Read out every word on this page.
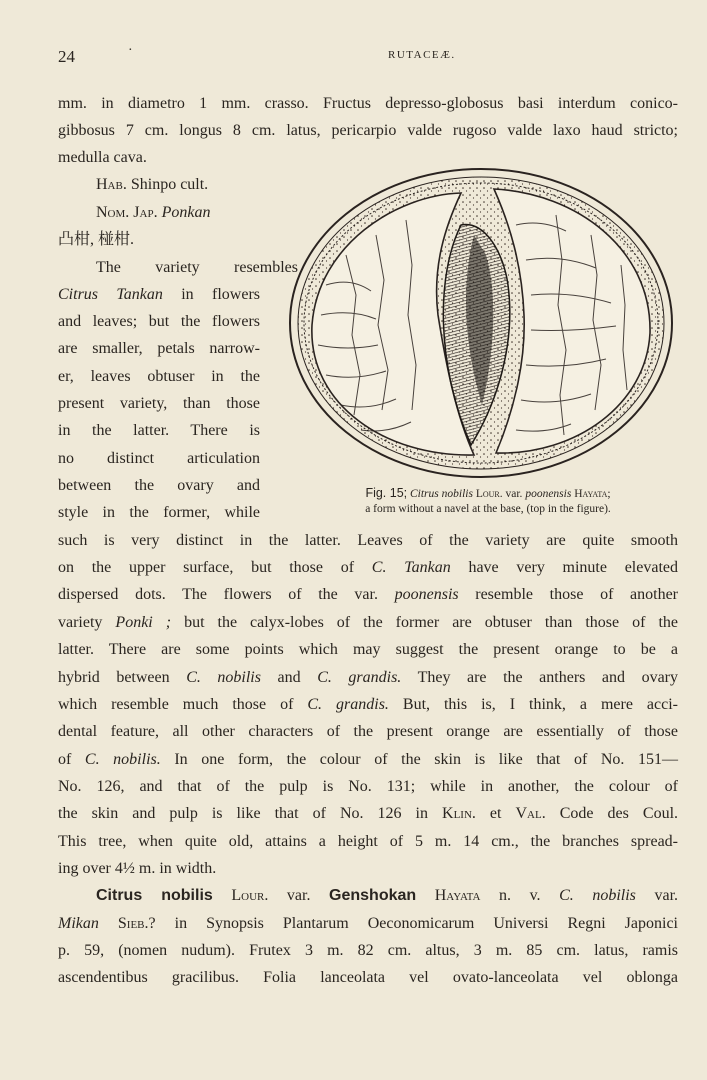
24	·	RUTACEÆ.
mm. in diametro 1 mm. crasso. Fructus depresso-globosus basi interdum conico-
gibbosus 7 cm. longus 8 cm. latus, pericarpio valde rugoso valde laxo haud stricto;
medulla cava.
Hab. Shinpo cult.
Nom. Jap. Ponkan
凸柑, 椪柑.
The variety resembles
Citrus Tankan in flowers
and leaves; but the flowers
are smaller, petals narrow-
er, leaves obtuser in the
present variety, than those
in the latter. There is
no distinct articulation
between the ovary and
style in the former, while
Fig. 15; Citrus nobilis Lour. var. poonensis Hayata;
a form without a navel at the base, (top in the figure).
such is very distinct in the latter. Leaves of the variety are quite smooth
on the upper surface, but those of C. Tankan have very minute elevated
dispersed dots. The flowers of the var. poonensis resemble those of another
variety Ponki ; but the calyx-lobes of the former are obtuser than those of the
latter. There are some points which may suggest the present orange to be a
hybrid between C. nobilis and C. grandis. They are the anthers and ovary
which resemble much those of C. grandis. But, this is, I think, a mere acci-
dental feature, all other characters of the present orange are essentially of those
of C. nobilis. In one form, the colour of the skin is like that of No. 151—
No. 126, and that of the pulp is No. 131; while in another, the colour of
the skin and pulp is like that of No. 126 in Klin. et Val. Code des Coul.
This tree, when quite old, attains a height of 5 m. 14 cm., the branches spread-
ing over 4½ m. in width.
Citrus nobilis Lour. var. Genshokan Hayata n. v. C. nobilis var.
Mikan Sieb.? in Synopsis Plantarum Oeconomicarum Universi Regni Japonici
p. 59, (nomen nudum). Frutex 3 m. 82 cm. altus, 3 m. 85 cm. latus, ramis
ascendentibus gracilibus. Folia lanceolata vel ovato-lanceolata vel oblonga
